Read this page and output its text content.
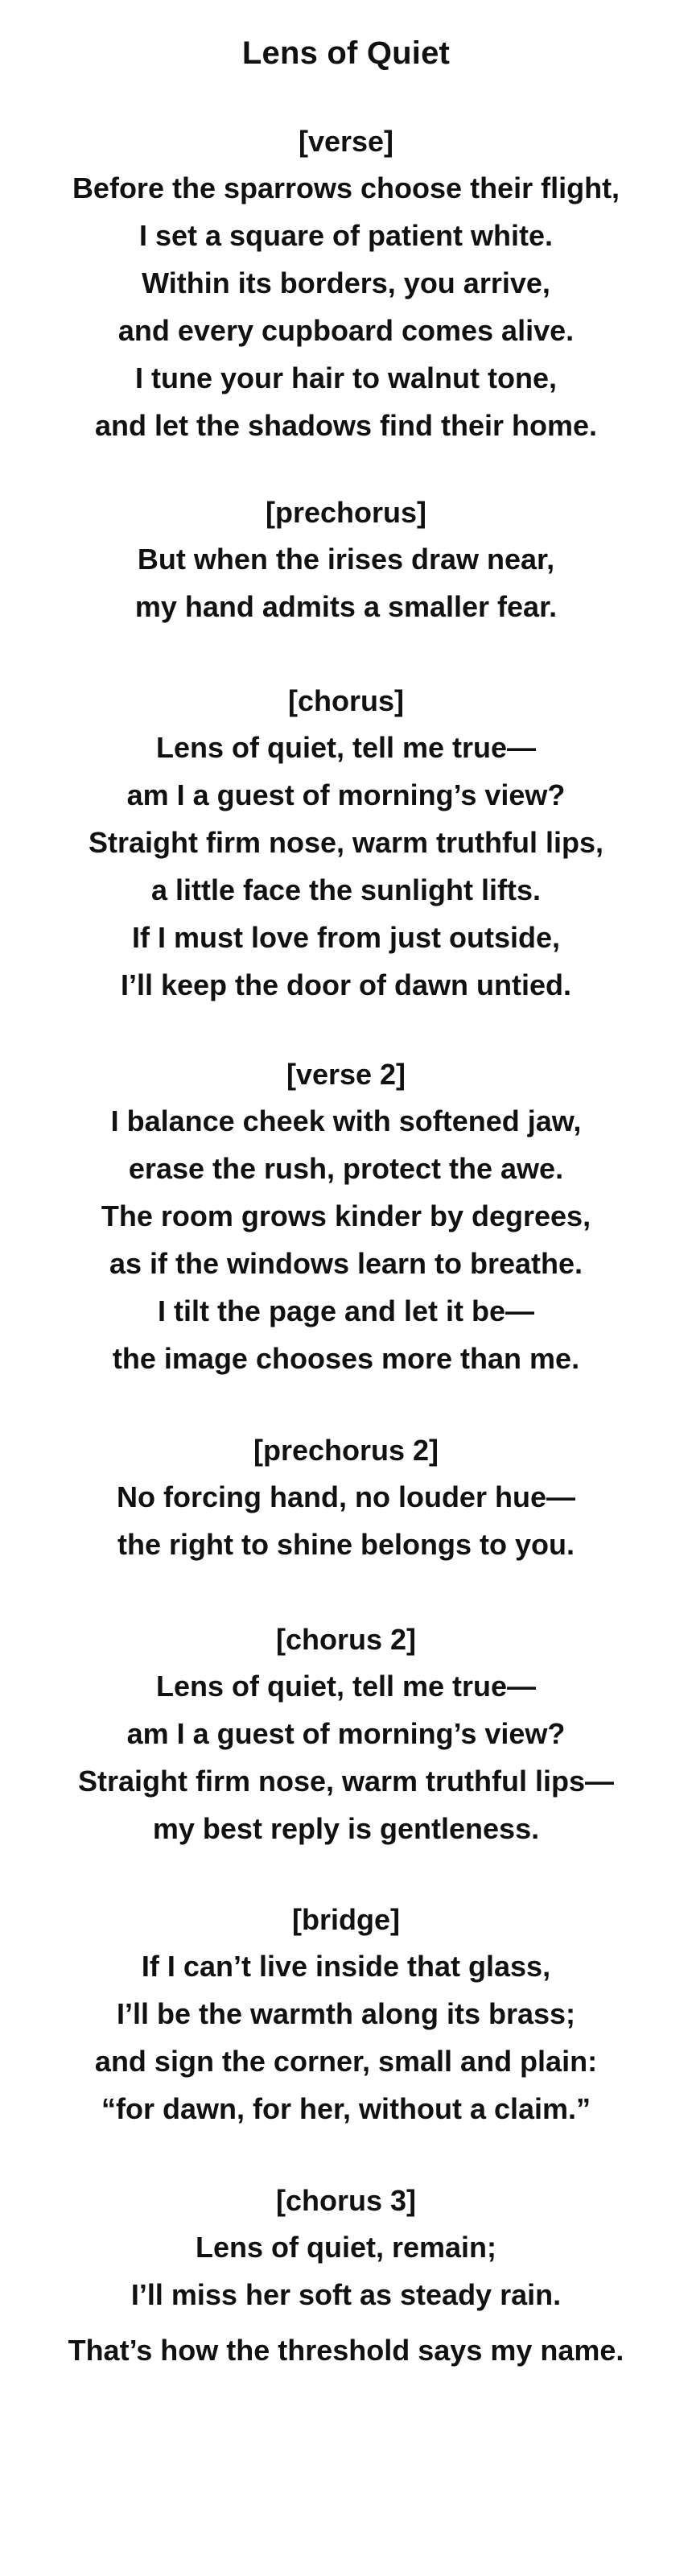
Lens of Quiet
[verse]
Before the sparrows choose their flight,
I set a square of patient white.
Within its borders, you arrive,
and every cupboard comes alive.
I tune your hair to walnut tone,
and let the shadows find their home.
[prechorus]
But when the irises draw near,
my hand admits a smaller fear.
[chorus]
Lens of quiet, tell me true—
am I a guest of morning’s view?
Straight firm nose, warm truthful lips,
a little face the sunlight lifts.
If I must love from just outside,
I’ll keep the door of dawn untied.
[verse 2]
I balance cheek with softened jaw,
erase the rush, protect the awe.
The room grows kinder by degrees,
as if the windows learn to breathe.
I tilt the page and let it be—
the image chooses more than me.
[prechorus 2]
No forcing hand, no louder hue—
the right to shine belongs to you.
[chorus 2]
Lens of quiet, tell me true—
am I a guest of morning’s view?
Straight firm nose, warm truthful lips—
my best reply is gentleness.
[bridge]
If I can’t live inside that glass,
I’ll be the warmth along its brass;
and sign the corner, small and plain:
“for dawn, for her, without a claim.”
[chorus 3]
Lens of quiet, remain;
I’ll miss her soft as steady rain.
That’s how the threshold says my name.
